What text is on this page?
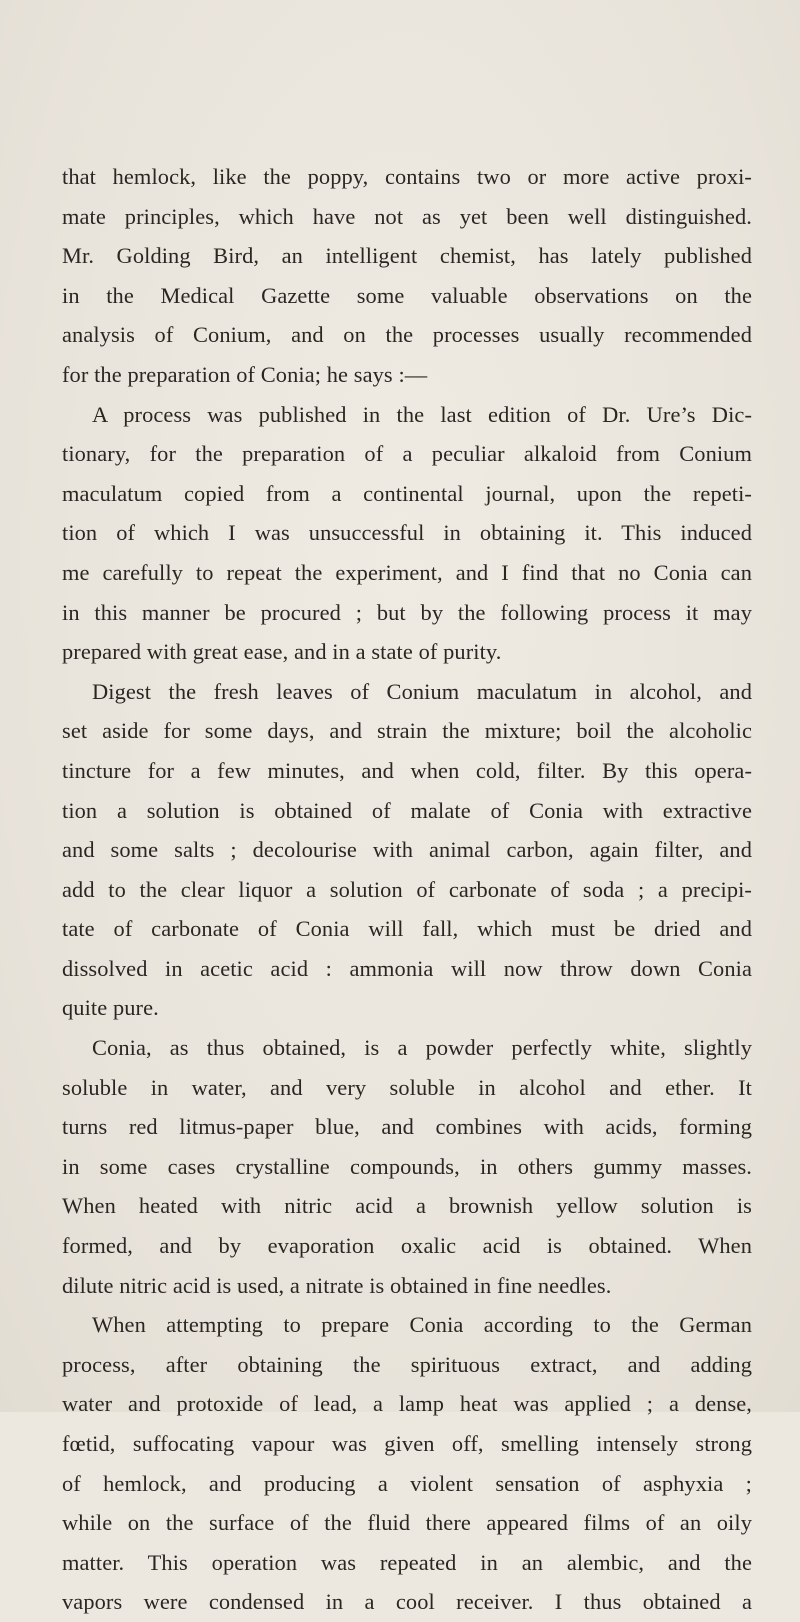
that hemlock, like the poppy, contains two or more active proxi-
mate principles, which have not as yet been well distinguished.
Mr. Golding Bird, an intelligent chemist, has lately published
in the Medical Gazette some valuable observations on the
analysis of Conium, and on the processes usually recommended
for the preparation of Conia; he says :—
A process was published in the last edition of Dr. Ure’s Dic-
tionary, for the preparation of a peculiar alkaloid from Conium
maculatum copied from a continental journal, upon the repeti-
tion of which I was unsuccessful in obtaining it. This induced
me carefully to repeat the experiment, and I find that no Conia can
in this manner be procured ; but by the following process it may
prepared with great ease, and in a state of purity.
Digest the fresh leaves of Conium maculatum in alcohol, and
set aside for some days, and strain the mixture; boil the alcoholic
tincture for a few minutes, and when cold, filter. By this opera-
tion a solution is obtained of malate of Conia with extractive
and some salts ; decolourise with animal carbon, again filter, and
add to the clear liquor a solution of carbonate of soda ; a precipi-
tate of carbonate of Conia will fall, which must be dried and
dissolved in acetic acid : ammonia will now throw down Conia
quite pure.
Conia, as thus obtained, is a powder perfectly white, slightly
soluble in water, and very soluble in alcohol and ether. It
turns red litmus-paper blue, and combines with acids, forming
in some cases crystalline compounds, in others gummy masses.
When heated with nitric acid a brownish yellow solution is
formed, and by evaporation oxalic acid is obtained. When
dilute nitric acid is used, a nitrate is obtained in fine needles.
When attempting to prepare Conia according to the German
process, after obtaining the spirituous extract, and adding
water and protoxide of lead, a lamp heat was applied ; a dense,
fœtid, suffocating vapour was given off, smelling intensely strong
of hemlock, and producing a violent sensation of asphyxia ;
while on the surface of the fluid there appeared films of an oily
matter. This operation was repeated in an alembic, and the
vapors were condensed in a cool receiver. I thus obtained a
